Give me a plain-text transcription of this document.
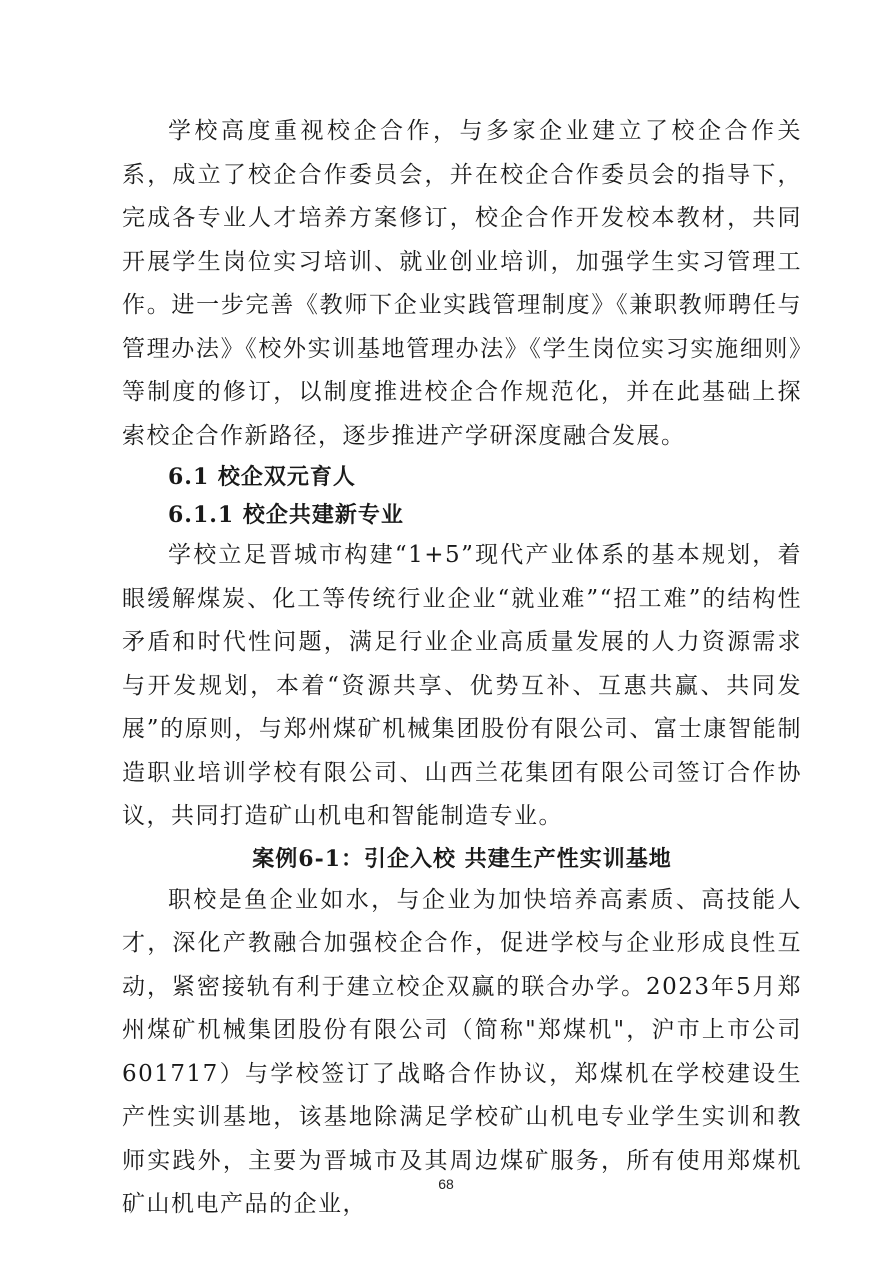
学校高度重视校企合作，与多家企业建立了校企合作关系，成立了校企合作委员会，并在校企合作委员会的指导下，完成各专业人才培养方案修订，校企合作开发校本教材，共同开展学生岗位实习培训、就业创业培训，加强学生实习管理工作。进一步完善《教师下企业实践管理制度》《兼职教师聘任与管理办法》《校外实训基地管理办法》《学生岗位实习实施细则》等制度的修订，以制度推进校企合作规范化，并在此基础上探索校企合作新路径，逐步推进产学研深度融合发展。

6.1 校企双元育人

6.1.1 校企共建新专业

学校立足晋城市构建“1+5”现代产业体系的基本规划，着眼缓解煤炭、化工等传统行业企业“就业难”“招工难”的结构性矛盾和时代性问题，满足行业企业高质量发展的人力资源需求与开发规划，本着“资源共享、优势互补、互惠共赢、共同发展”的原则，与郑州煤矿机械集团股份有限公司、富士康智能制造职业培训学校有限公司、山西兰花集团有限公司签订合作协议，共同打造矿山机电和智能制造专业。

案例6-1：引企入校 共建生产性实训基地

职校是鱼企业如水，与企业为加快培养高素质、高技能人才，深化产教融合加强校企合作，促进学校与企业形成良性互动，紧密接轨有利于建立校企双赢的联合办学。2023年5月郑州煤矿机械集团股份有限公司（简称"郑煤机"，沪市上市公司601717）与学校签订了战略合作协议，郑煤机在学校建设生产性实训基地，该基地除满足学校矿山机电专业学生实训和教师实践外，主要为晋城市及其周边煤矿服务，所有使用郑煤机矿山机电产品的企业，

68
